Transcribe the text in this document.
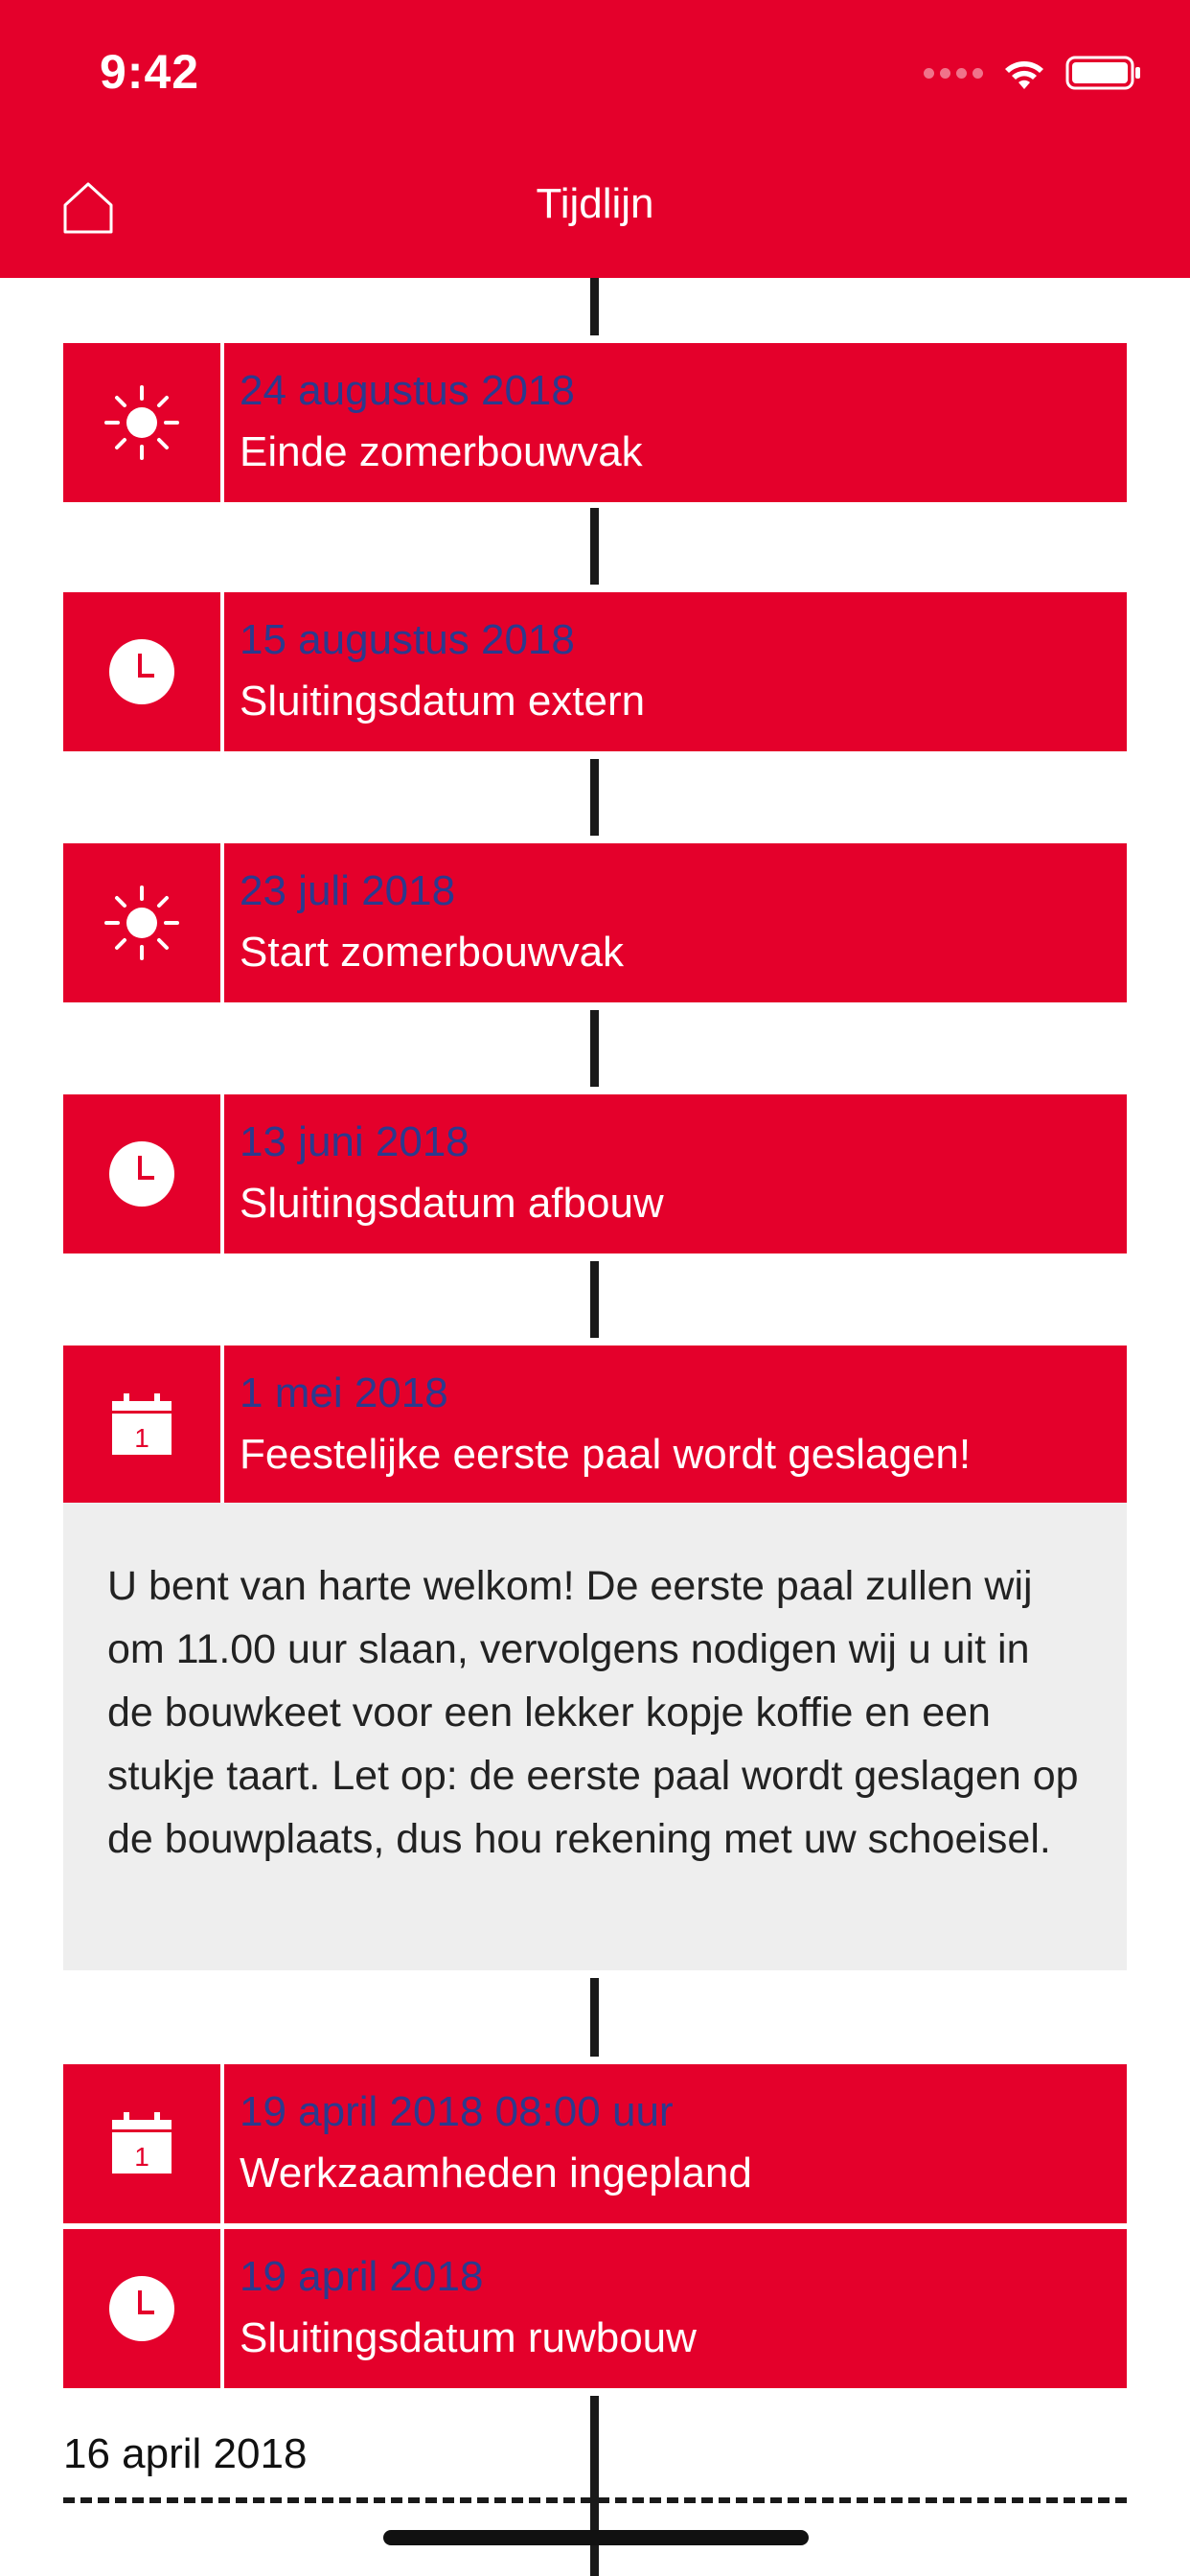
9:42
Tijdlijn
24 augustus 2018
Einde zomerbouwvak
15 augustus 2018
Sluitingsdatum extern
23 juli 2018
Start zomerbouwvak
13 juni 2018
Sluitingsdatum afbouw
1
1 mei 2018
Feestelijke eerste paal wordt geslagen!
U bent van harte welkom! De eerste paal zullen wij om 11.00 uur slaan, vervolgens nodigen wij u uit in de bouwkeet voor een lekker kopje koffie en een stukje taart. Let op: de eerste paal wordt geslagen op de bouwplaats, dus hou rekening met uw schoeisel.
1
19 april 2018 08:00 uur
Werkzaamheden ingepland
19 april 2018
Sluitingsdatum ruwbouw
16 april 2018
